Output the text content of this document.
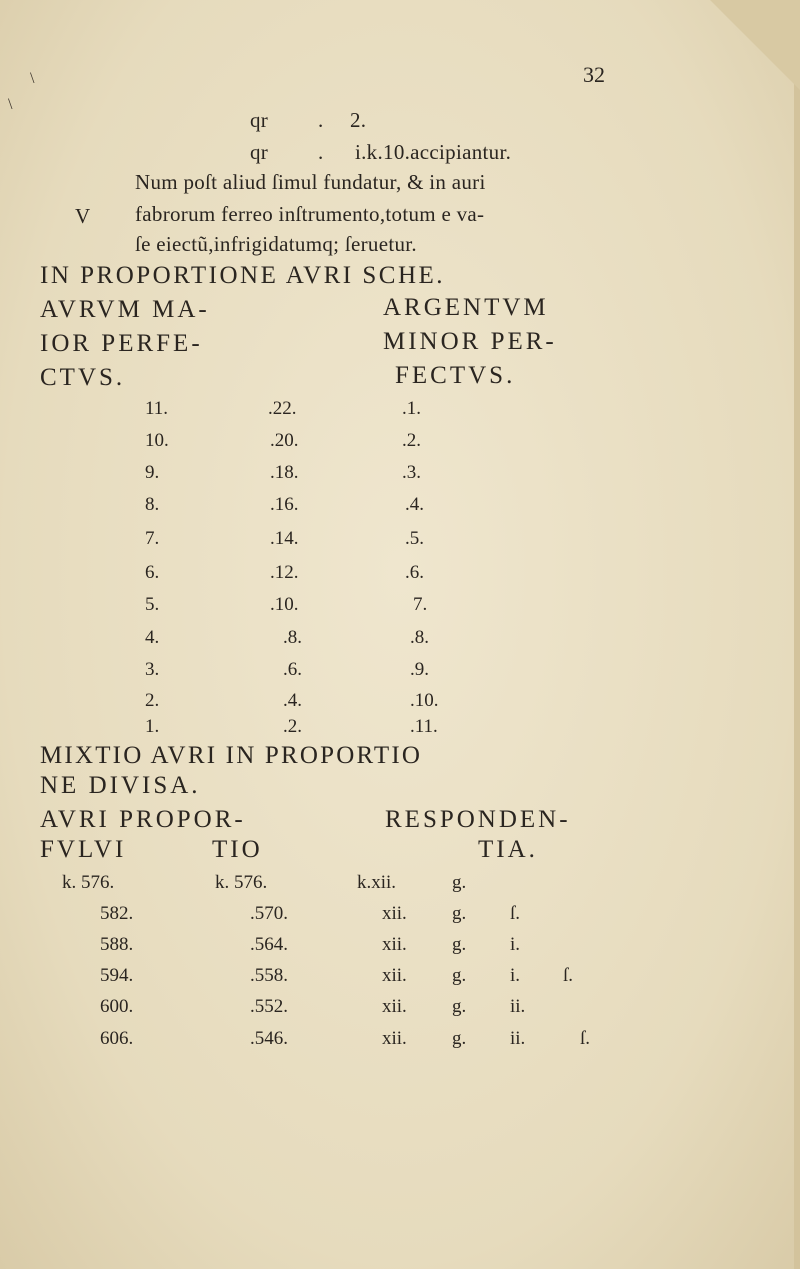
32
\
\
qr . 2.
qr . i.k.10.accipiantur.
Num poſt aliud ſimul fundatur, & in auri
V fabrorum ferreo inſtrumento,totum e va-
ſe eiectũ,infrigidatumq; ſeruetur.
IN PROPORTIONE AVRI SCHE.
AVRVM MA-
IOR PERFE-
CTVS.
ARGENTVM
MINOR PER-
FECTVS.
11.	.22.	.1.
10.	.20.	.2.
9.	.18.	.3.
8.	.16.	.4.
7.	.14.	.5.
6.	.12.	.6.
5.	.10.	7.
4.	.8.	.8.
3.	.6.	.9.
2.	.4.	.10.
1.	.2.	.11.
MIXTIO AVRI IN PROPORTIO
NE DIVISA.
AVRI PROPOR-
FVLVI	TIO
RESPONDEN-
TIA.
k. 576.	k. 576.	k.xii.	g.
582.	.570.	xii. g. ſ.
588.	.564.	xii. g. i.
594.	.558.	xii. g. i. ſ.
600.	.552.	xii. g. ii.
606.	.546.	xii. g. ii.	ſ.
